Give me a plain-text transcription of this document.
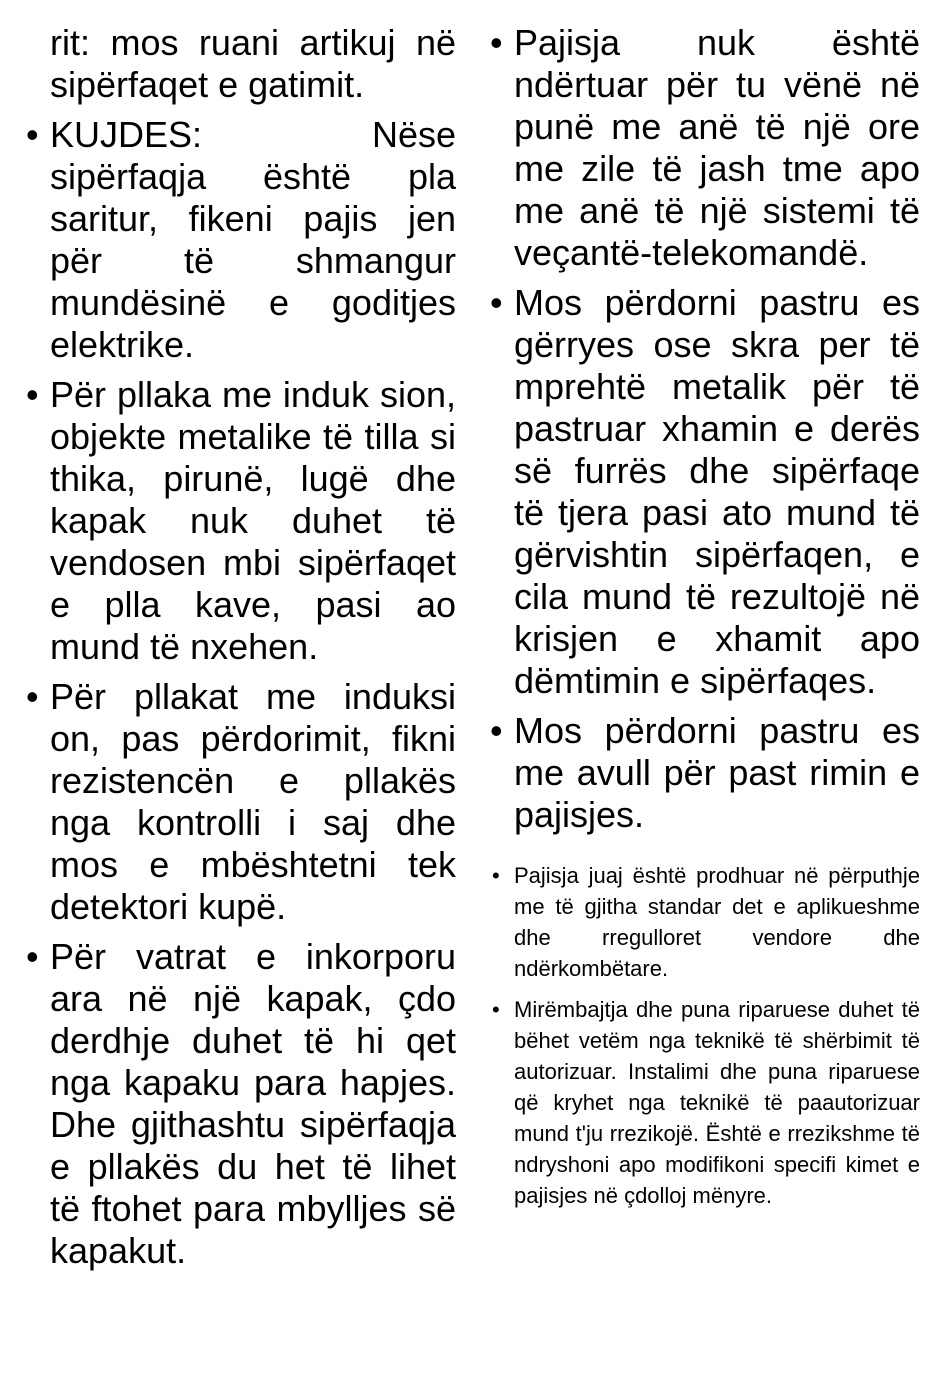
rit: mos ruani artikuj në sipërfaqet e gatimit.
• KUJDES: Nëse sipërfaqja është pla saritur, fikeni pajis jen për të shmangur mundësinë e goditjes elektrike.
• Për pllaka me induk sion, objekte metalike të tilla si thika, pirunë, lugë dhe kapak nuk duhet të vendosen mbi sipërfaqet e plla kave, pasi ao mund të nxehen.
• Për pllakat me induksi on, pas përdorimit, fikni rezistencën e pllakës nga kontrolli i saj dhe mos e mbështetni tek detektori kupë.
• Për vatrat e inkorporu ara në një kapak, çdo derdhje duhet të hi qet nga kapaku para hapjes. Dhe gjithashtu sipërfaqja e pllakës du het të lihet të ftohet para mbylljes së kapakut.
• Pajisja nuk është ndërtuar për tu vënë në punë me anë të një ore me zile të jash tme apo me anë të një sistemi të veçantë-telekomandë.
• Mos përdorni pastru es gërryes ose skra per të mprehtë metalik për të pastruar xhamin e derës së furrës dhe sipërfaqe të tjera pasi ato mund të gërvishtin sipërfaqen, e cila mund të rezultojë në krisjen e xhamit apo dëmtimin e sipërfaqes.
• Mos përdorni pastru es me avull për past rimin e pajisjes.
• Pajisja juaj është prodhuar në përputhje me të gjitha standar det e aplikueshme dhe rregulloret vendore dhe ndërkombëtare.
• Mirëmbajtja dhe puna riparuese duhet të bëhet vetëm nga teknikë të shërbimit të autorizuar. Instalimi dhe puna riparuese që kryhet nga teknikë të paautorizuar mund t'ju rrezikojë. Është e rrezikshme të ndryshoni apo modifikoni specifi kimet e pajisjes në çdolloj mënyre.
